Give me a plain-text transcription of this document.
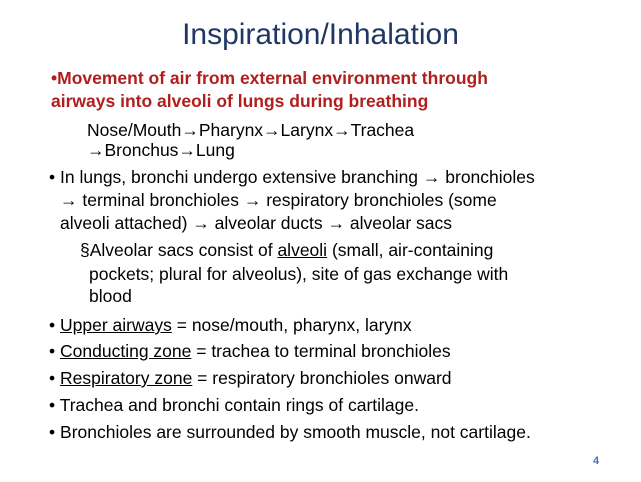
Inspiration/Inhalation
•Movement of air from external environment through
airways into alveoli of lungs during breathing
Nose/Mouth→Pharynx→Larynx→Trachea
→Bronchus→Lung
• In lungs, bronchi undergo extensive branching → bronchioles
→ terminal bronchioles → respiratory bronchioles (some
alveoli attached) → alveolar ducts → alveolar sacs
§Alveolar sacs consist of alveoli (small, air-containing
pockets; plural for alveolus), site of gas exchange with
blood
• Upper airways = nose/mouth, pharynx, larynx
• Conducting zone = trachea to terminal bronchioles
• Respiratory zone = respiratory bronchioles onward
• Trachea and bronchi contain rings of cartilage.
• Bronchioles are surrounded by smooth muscle, not cartilage.
4
